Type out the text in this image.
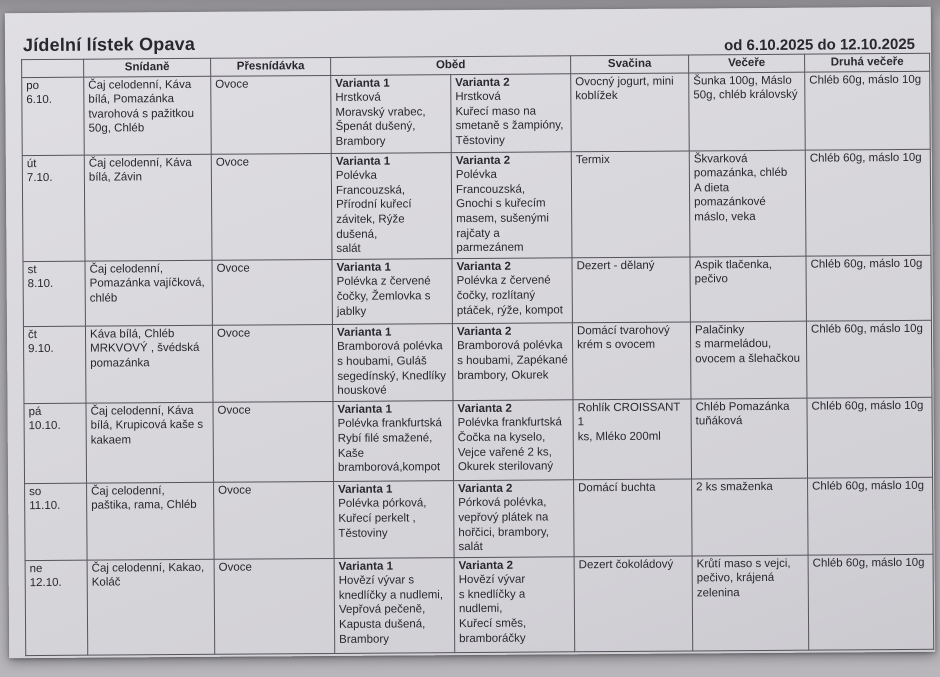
Jídelní lístek Opava	od 6.10.2025 do 12.10.2025
	Snídaně	Přesnídávka	Oběd		Svačina	Večeře	Druhá večeře

po
6.10.
	Čaj celodenní, Káva
bílá, Pomazánka
tvarohová s pažitkou
50g, Chléb	Ovoce	Varianta 1
Hrstková
Moravský vrabec,
Špenát dušený,
Brambory

Varianta 2
Hrstková
Kuřecí maso na
smetaně s žampióny,
Těstoviny
	Ovocný jogurt, mini
koblížek	Šunka 100g, Máslo
50g, chléb královský	Chléb 60g, máslo 10g

út
7.10.
	Čaj celodenní, Káva
bílá, Závin	Ovoce	Varianta 1
Polévka Francouzská,
Přírodní kuřecí
závitek, Rýže dušená,
salát

Varianta 2
Polévka Francouzská,
Gnochi s kuřecím
masem, sušenými
rajčaty a
parmezánem
	Termix	Škvarková
pomazánka, chléb
A dieta pomazánkové
máslo, veka	Chléb 60g, máslo 10g

st
8.10.
	Čaj celodenní,
Pomazánka vajíčková,
chléb	Ovoce	Varianta 1
Polévka z červené
čočky, Žemlovka s
jablky

Varianta 2
Polévka z červené
čočky, rozlítaný
ptáček, rýže, kompot
	Dezert - dělaný	Aspik tlačenka,
pečivo	Chléb 60g, máslo 10g

čt
9.10.
	Káva bílá, Chléb
MRKVOVÝ , švédská
pomazánka	Ovoce	Varianta 1
Bramborová polévka
s houbami, Guláš
segedínský, Knedlíky
houskové

Varianta 2
Bramborová polévka
s houbami, Zapékané
brambory, Okurek
	Domácí tvarohový
krém s ovocem	Palačinky
s marmeládou,
ovocem a šlehačkou	Chléb 60g, máslo 10g

pá
10.10.
	Čaj celodenní, Káva
bílá, Krupicová kaše s
kakaem	Ovoce	Varianta 1
Polévka frankfurtská
Rybí filé smažené,
Kaše
bramborová,kompot

Varianta 2
Polévka frankfurtská
Čočka na kyselo,
Vejce vařené 2 ks,
Okurek sterilovaný
	Rohlík CROISSANT 1
ks, Mléko 200ml	Chléb Pomazánka
tuňáková	Chléb 60g, máslo 10g

so
11.10.
	Čaj celodenní,
paštika, rama, Chléb	Ovoce	Varianta 1
Polévka pórková,
Kuřecí perkelt ,
Těstoviny

Varianta 2
Pórková polévka,
vepřový plátek na
hořčici, brambory,
salát
	Domácí buchta	2 ks smaženka	Chléb 60g, máslo 10g

ne
12.10.
	Čaj celodenní, Kakao,
Koláč	Ovoce	Varianta 1
Hovězí vývar s
knedlíčky a nudlemi,
Vepřová pečeně,
Kapusta dušená,
Brambory

Varianta 2
Hovězí vývar
s knedlíčky a nudlemi,
Kuřecí směs,
bramboráčky
	Dezert čokoládový	Krůtí maso s vejci,
pečivo, krájená
zelenina	Chléb 60g, máslo 10g
